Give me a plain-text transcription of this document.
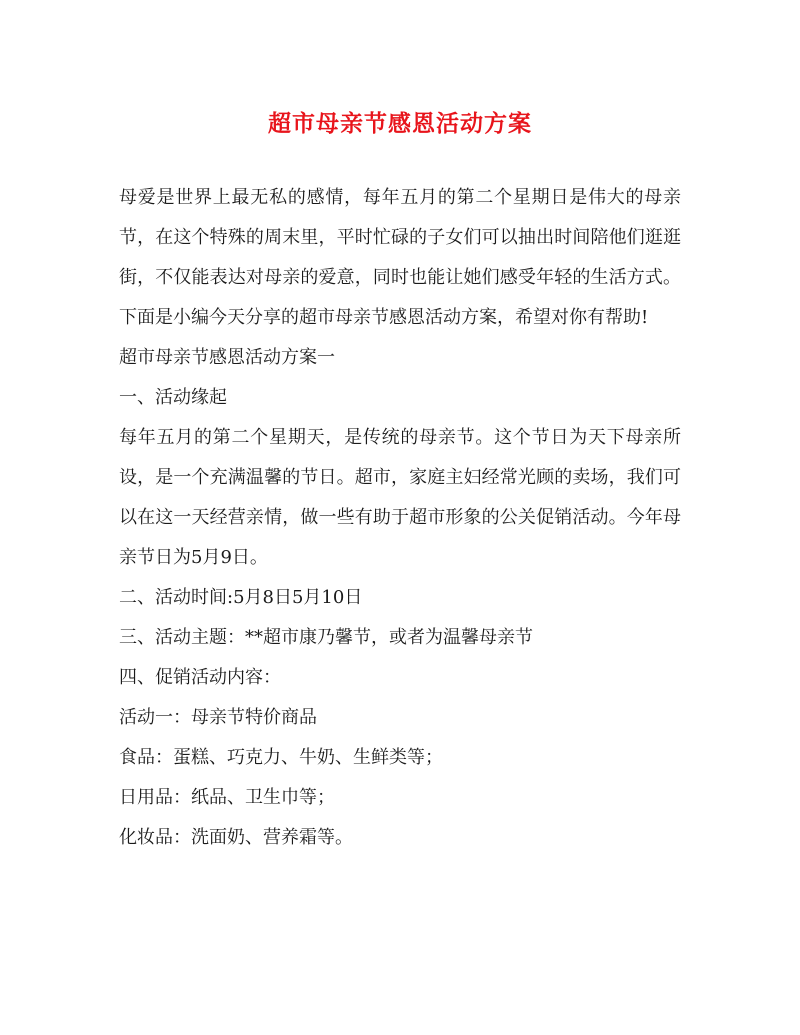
超市母亲节感恩活动方案

母爱是世界上最无私的感情，每年五月的第二个星期日是伟大的母亲节，在这个特殊的周末里，平时忙碌的子女们可以抽出时间陪他们逛逛街，不仅能表达对母亲的爱意，同时也能让她们感受年轻的生活方式。下面是小编今天分享的超市母亲节感恩活动方案，希望对你有帮助!

超市母亲节感恩活动方案一

一、活动缘起

每年五月的第二个星期天，是传统的母亲节。这个节日为天下母亲所设，是一个充满温馨的节日。超市，家庭主妇经常光顾的卖场，我们可以在这一天经营亲情，做一些有助于超市形象的公关促销活动。今年母亲节日为5月9日。

二、活动时间:5月8日5月10日

三、活动主题：**超市康乃馨节，或者为温馨母亲节

四、促销活动内容：

活动一：母亲节特价商品

食品：蛋糕、巧克力、牛奶、生鲜类等；

日用品：纸品、卫生巾等；

化妆品：洗面奶、营养霜等。
